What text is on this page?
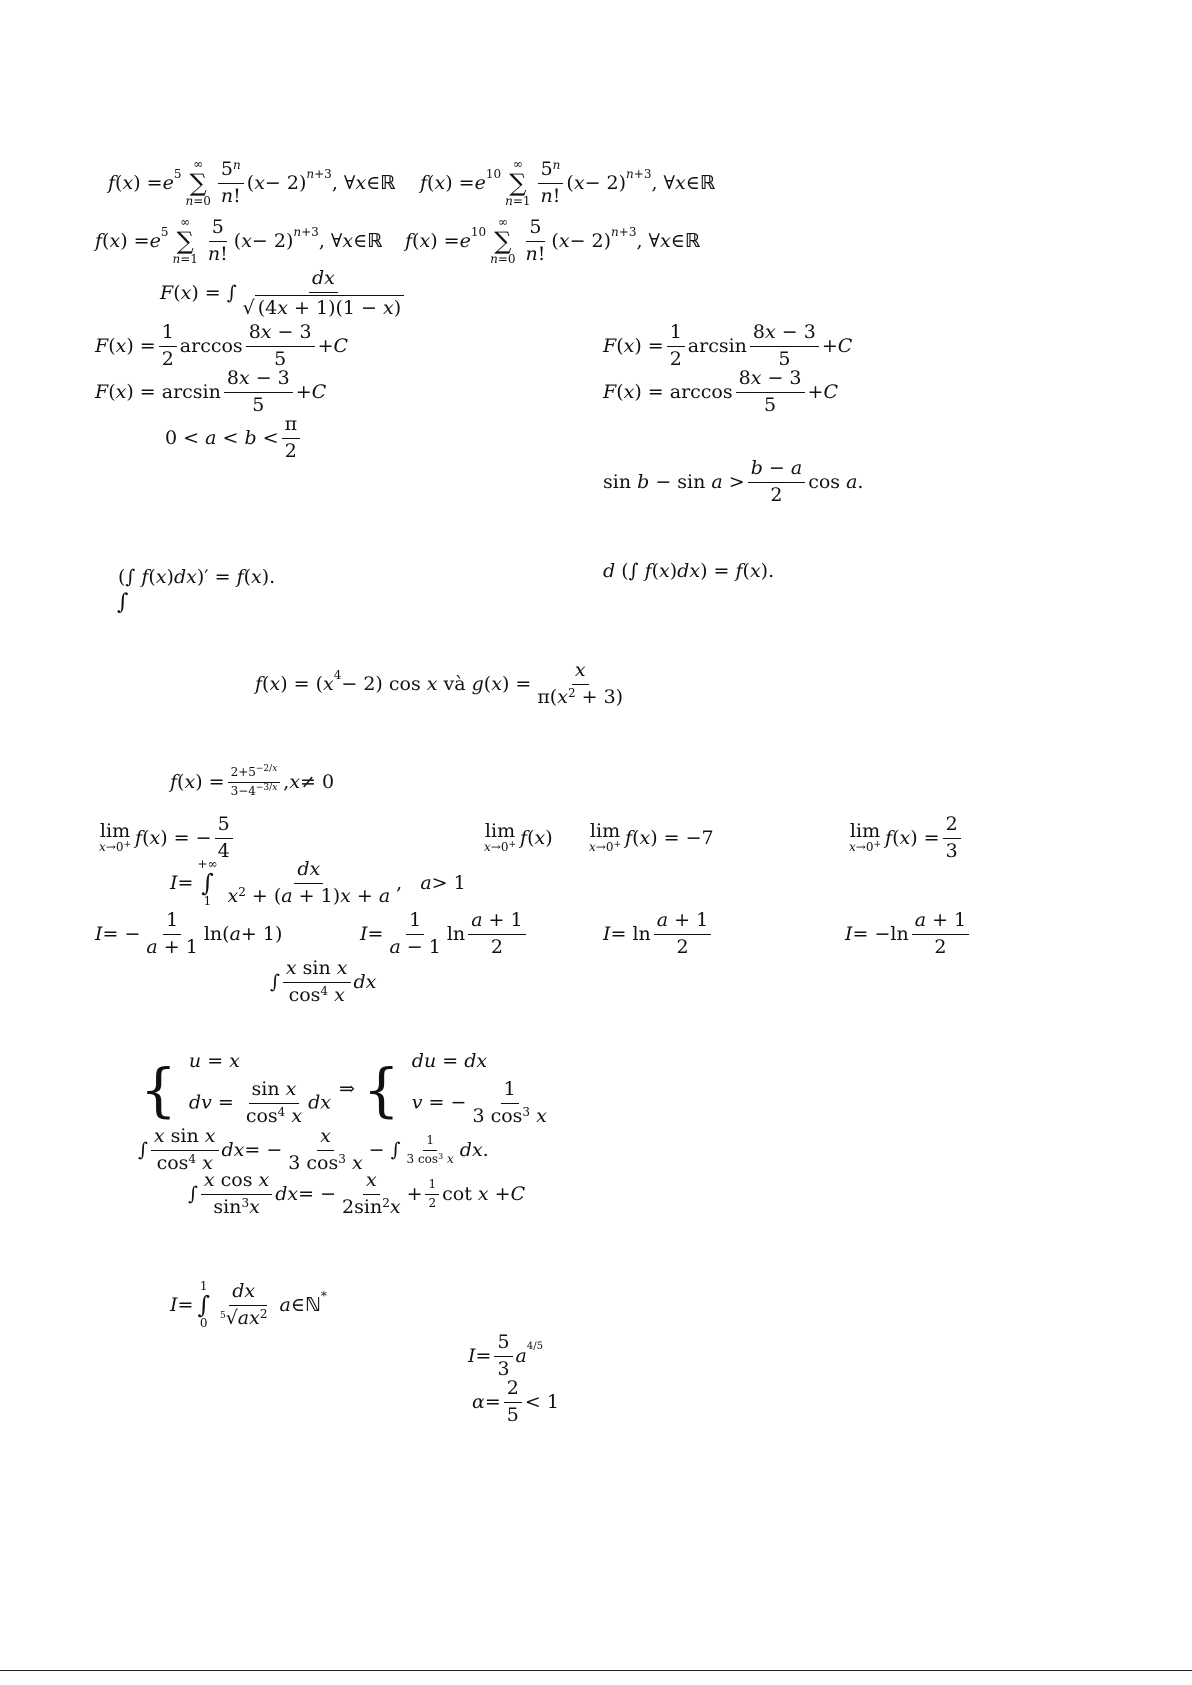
f ( x ) = e 5
∞
∑
$n=0 \frac{5^n}{n!}$ ( x − 2) n+3 , ∀ x ∈ ℝ f ( x ) = e 10
∞
∑
$n=1 \frac{5^n}{n!}$ ( x − 2) n+3 , ∀ x ∈ ℝ
f ( x ) = e 5
∞
∑
$n=1 \frac{5}{n!}$ ( x − 2) n+3 , ∀ x ∈ ℝ f ( x ) = e 10
∞
∑
$n=0 \frac{5}{n!}$ ( x − 2) n+3 , ∀ x ∈ ℝ
F ( x ) = ∫ $\frac{dx}{√ (4x + 1)(1 - x)}$
F ( x ) = $\frac{1}{2}$ $\arccos \frac{8x - 3}{5} + C$	F ( x ) = $\frac{1}{2}$ $\arcsin \frac{8x - 3}{5} + C$
F ( x ) = $\arcsin \frac{8x - 3}{5} + C$	F ( x ) = $\arccos \frac{8x - 3}{5} + C$
$0 < a < b < \frac{\pi}{2}$
$\sin b - \sin a > \frac{b - a}{2}$ cos a .
(∫ f ( x ) dx )′ = f ( x ).
∫
d (∫ f ( x ) dx ) = f ( x ).
f ( x ) = ( x 4 − 2) cos x và g ( x ) = $\frac{x}{\pi(x^2 + 3)}$
f ( x ) = $\frac{2+5^{-2/x}}{3-4^{-3/x}}$ , x ≠ 0
lim
x→0+ f ( x ) = − $\frac{5}{4}$	lim
x→0+ f ( x ) lim
x→0+ f ( x ) = −7	lim
x→0+ f ( x ) = $\frac{2}{3}$
I =
+∞
∫
$1 \frac{dx}{x^2 + (a + 1)x + a}$ , a > 1
I = − $\frac{1}{a + 1} \ln$( a + 1)	$I = \frac{1}{a - 1}$ $\ln \frac{a + 1}{2}$	$I = \ln \frac{a + 1}{2}$	$I = -\ln \frac{a + 1}{2}$
∫ $\frac{\text{x sin x}}{\cos^4 x}$ dx
{ u = x
dv = $\frac{\text{sin x}}{\cos^4 x}$ dx
⇒ { du = dx
v = − $\frac{1}{3 \cos^3 x}$
∫ $\frac{\text{x sin x}}{\cos^4 x}$ dx = − $\frac{x}{3 \cos^3 x}$ − ∫ $\frac{1}{3 \cos^3 x}$ dx .
∫ $\frac{\text{x cos x}}{\sin^3x}$ dx = − $\frac{x}{2\sin^2x} + \frac{1}{2}$ cot x + C
I =
1
∫
$0 \frac{dx}{^5√ax^2}$
a ∈ ℕ *
$I = \frac{5}{3}$ a 4/5
$\alpha = \frac{2}{5} < 1$
